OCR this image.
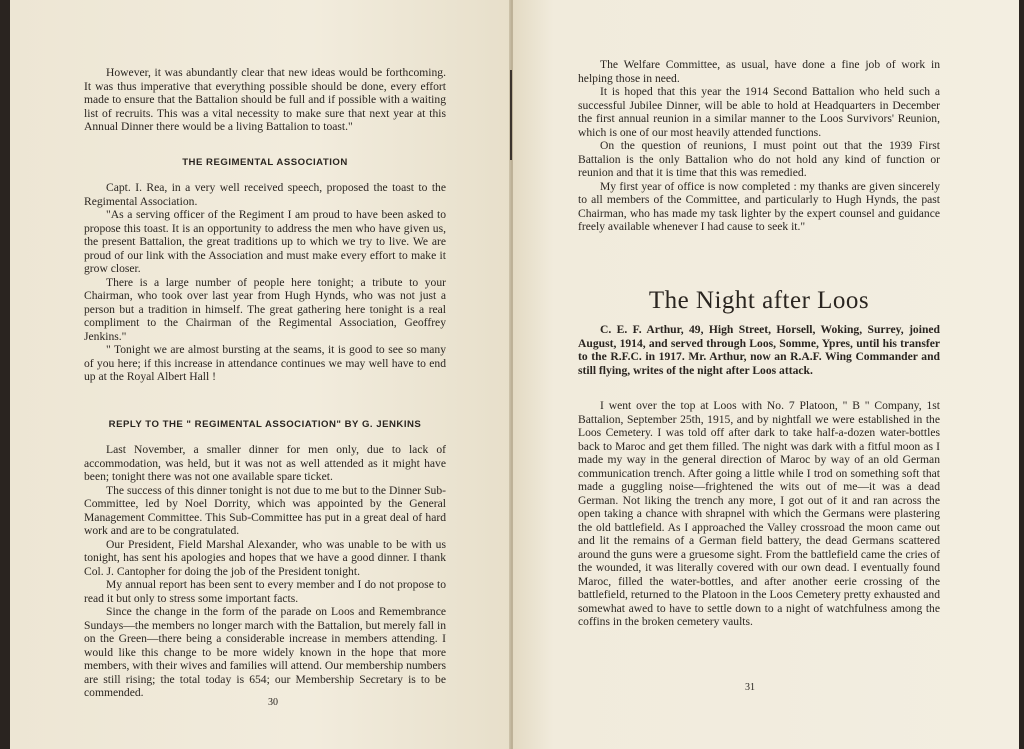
However, it was abundantly clear that new ideas would be forthcoming. It was thus imperative that everything possible should be done, every effort made to ensure that the Battalion should be full and if possible with a waiting list of recruits. This was a vital necessity to make sure that next year at this Annual Dinner there would be a living Battalion to toast."

THE REGIMENTAL ASSOCIATION

Capt. I. Rea, in a very well received speech, proposed the toast to the Regimental Association.

"As a serving officer of the Regiment I am proud to have been asked to propose this toast. It is an opportunity to address the men who have given us, the present Battalion, the great traditions up to which we try to live. We are proud of our link with the Association and must make every effort to make it grow closer.

There is a large number of people here tonight; a tribute to your Chairman, who took over last year from Hugh Hynds, who was not just a person but a tradition in himself. The great gathering here tonight is a real compliment to the Chairman of the Regimental Association, Geoffrey Jenkins."

" Tonight we are almost bursting at the seams, it is good to see so many of you here; if this increase in attendance continues we may well have to end up at the Royal Albert Hall !

REPLY TO THE " REGIMENTAL ASSOCIATION" BY G. JENKINS

Last November, a smaller dinner for men only, due to lack of accommodation, was held, but it was not as well attended as it might have been; tonight there was not one available spare ticket.

The success of this dinner tonight is not due to me but to the Dinner Sub-Committee, led by Noel Dorrity, which was appointed by the General Management Committee. This Sub-Committee has put in a great deal of hard work and are to be congratulated.

Our President, Field Marshal Alexander, who was unable to be with us tonight, has sent his apologies and hopes that we have a good dinner. I thank Col. J. Cantopher for doing the job of the President tonight.

My annual report has been sent to every member and I do not propose to read it but only to stress some important facts.

Since the change in the form of the parade on Loos and Remembrance Sundays—the members no longer march with the Battalion, but merely fall in on the Green—there being a considerable increase in members attending. I would like this change to be more widely known in the hope that more members, with their wives and families will attend. Our membership numbers are still rising; the total today is 654; our Membership Secretary is to be commended.

30

The Welfare Committee, as usual, have done a fine job of work in helping those in need.

It is hoped that this year the 1914 Second Battalion who held such a successful Jubilee Dinner, will be able to hold at Headquarters in December the first annual reunion in a similar manner to the Loos Survivors' Reunion, which is one of our most heavily attended functions.

On the question of reunions, I must point out that the 1939 First Battalion is the only Battalion who do not hold any kind of function or reunion and that it is time that this was remedied.

My first year of office is now completed : my thanks are given sincerely to all members of the Committee, and particularly to Hugh Hynds, the past Chairman, who has made my task lighter by the expert counsel and guidance freely available whenever I had cause to seek it."

The Night after Loos

C. E. F. Arthur, 49, High Street, Horsell, Woking, Surrey, joined August, 1914, and served through Loos, Somme, Ypres, until his transfer to the R.F.C. in 1917. Mr. Arthur, now an R.A.F. Wing Commander and still flying, writes of the night after Loos attack.

I went over the top at Loos with No. 7 Platoon, " B " Company, 1st Battalion, September 25th, 1915, and by nightfall we were established in the Loos Cemetery. I was told off after dark to take half-a-dozen water-bottles back to Maroc and get them filled. The night was dark with a fitful moon as I made my way in the general direction of Maroc by way of an old German communication trench. After going a little while I trod on something soft that made a guggling noise—frightened the wits out of me—it was a dead German. Not liking the trench any more, I got out of it and ran across the open taking a chance with shrapnel with which the Germans were plastering the old battlefield. As I approached the Valley crossroad the moon came out and lit the remains of a German field battery, the dead Germans scattered around the guns were a gruesome sight. From the battlefield came the cries of the wounded, it was literally covered with our own dead. I eventually found Maroc, filled the water-bottles, and after another eerie crossing of the battlefield, returned to the Platoon in the Loos Cemetery pretty exhausted and somewhat awed to have to settle down to a night of watchfulness among the coffins in the broken cemetery vaults.

31
